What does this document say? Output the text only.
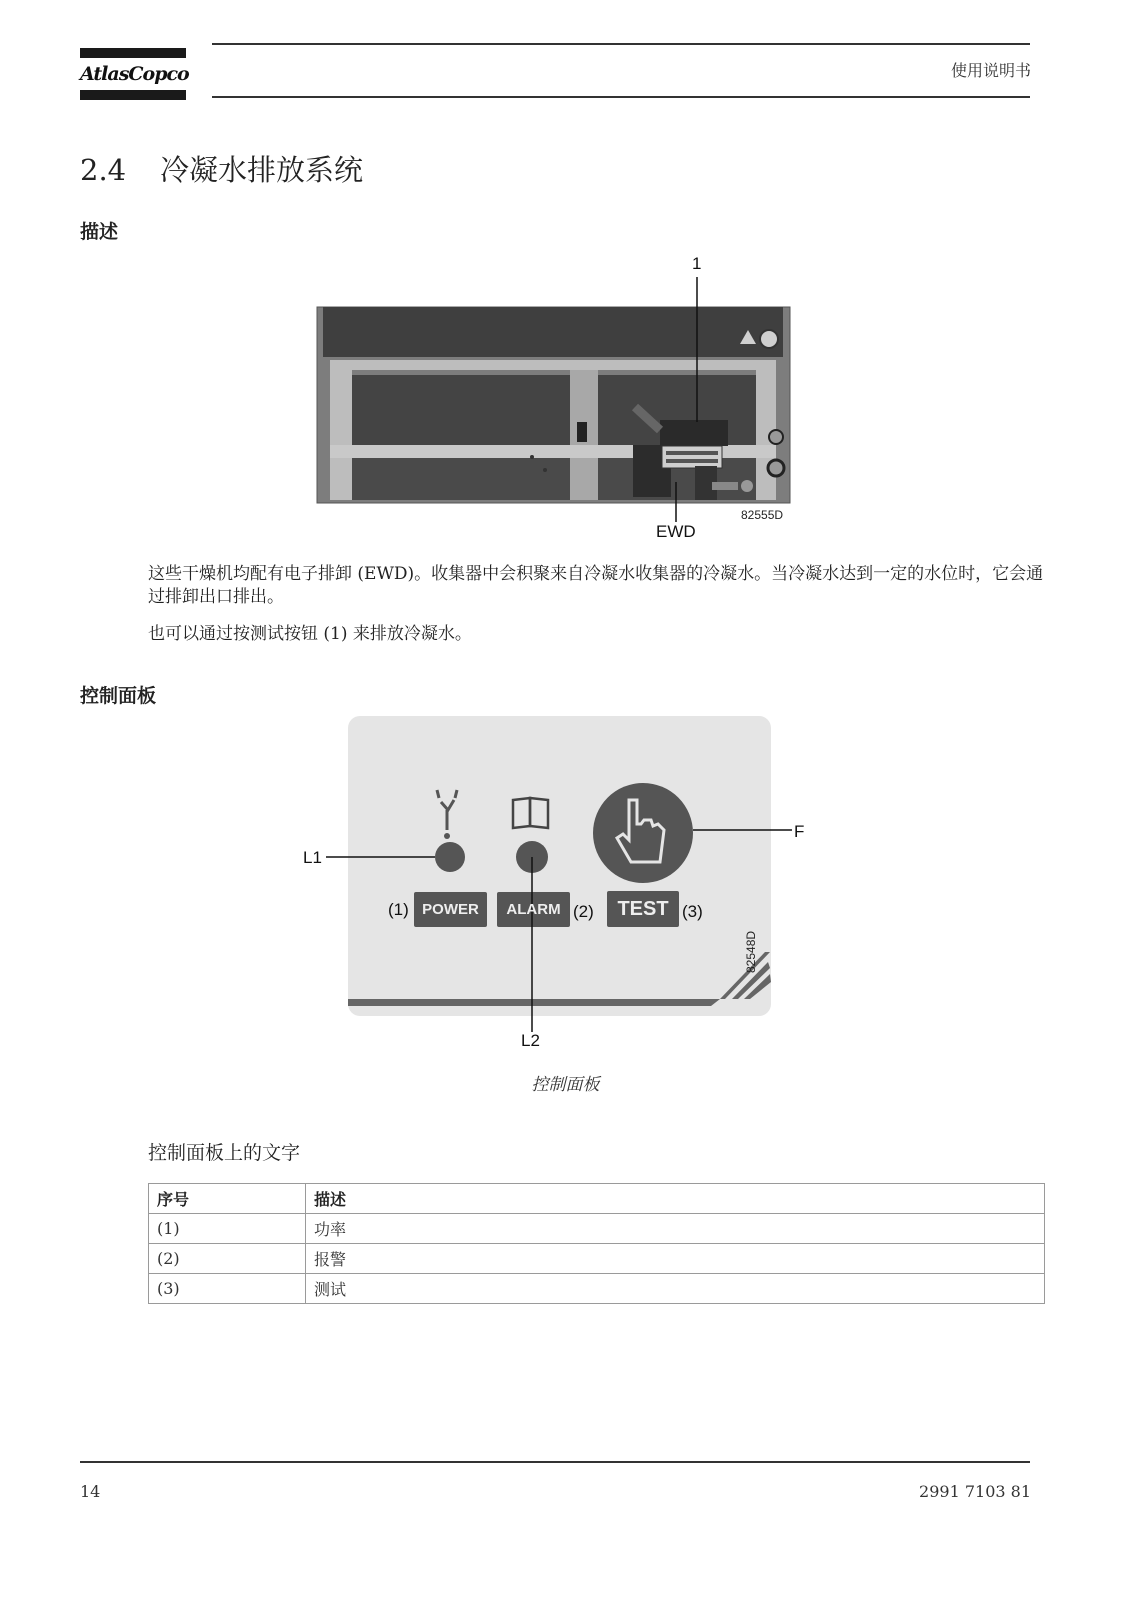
AtlasCopco	使用说明书
2.4 冷凝水排放系统
描述
1
82555D
EWD
这些干燥机均配有电子排卸 (EWD)。收集器中会积聚来自冷凝水收集器的冷凝水。当冷凝水达到一定的水位时，它会通过排卸出口排出。
也可以通过按测试按钮 (1) 来排放冷凝水。
控制面板
L1
F
L2
(1) POWER	(2)
ALARM	(3)
TEST
82548D
控制面板
控制面板上的文字
序号	描述
(1)	功率
(2)	报警
(3)	测试
14	2991 7103 81
